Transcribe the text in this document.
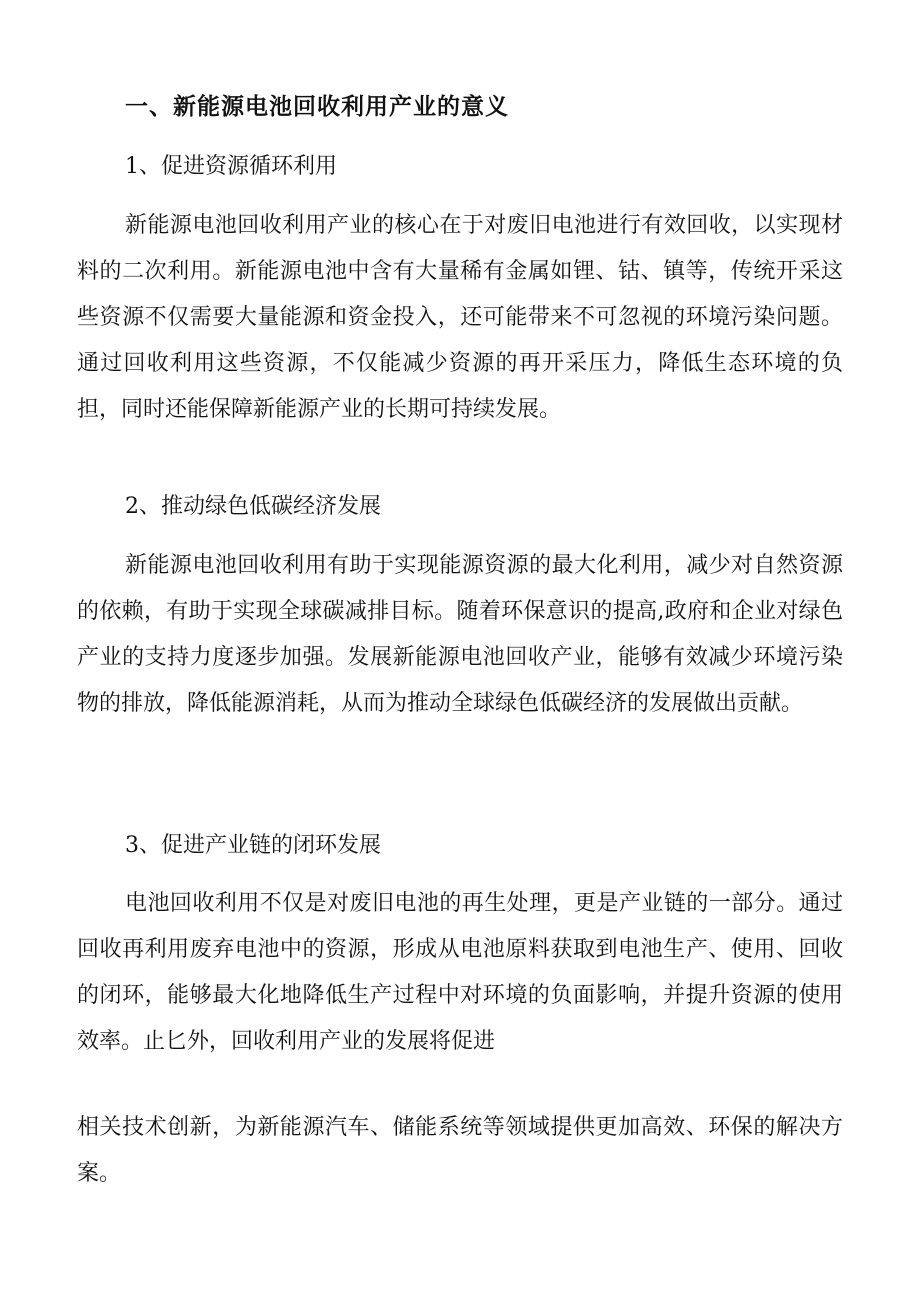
一、新能源电池回收利用产业的意义
1、促进资源循环利用

新能源电池回收利用产业的核心在于对废旧电池进行有效回收，以实现材料的二次利用。新能源电池中含有大量稀有金属如锂、钴、镇等，传统开采这些资源不仅需要大量能源和资金投入，还可能带来不可忽视的环境污染问题。通过回收利用这些资源，不仅能减少资源的再开采压力，降低生态环境的负担，同时还能保障新能源产业的长期可持续发展。

2、推动绿色低碳经济发展

新能源电池回收利用有助于实现能源资源的最大化利用，减少对自然资源的依赖，有助于实现全球碳减排目标。随着环保意识的提高,政府和企业对绿色产业的支持力度逐步加强。发展新能源电池回收产业，能够有效减少环境污染物的排放，降低能源消耗，从而为推动全球绿色低碳经济的发展做出贡献。

3、促进产业链的闭环发展

电池回收利用不仅是对废旧电池的再生处理，更是产业链的一部分。通过回收再利用废弃电池中的资源，形成从电池原料获取到电池生产、使用、回收的闭环，能够最大化地降低生产过程中对环境的负面影响，并提升资源的使用效率。止匕外，回收利用产业的发展将促进

相关技术创新，为新能源汽车、储能系统等领域提供更加高效、环保的解决方案。
